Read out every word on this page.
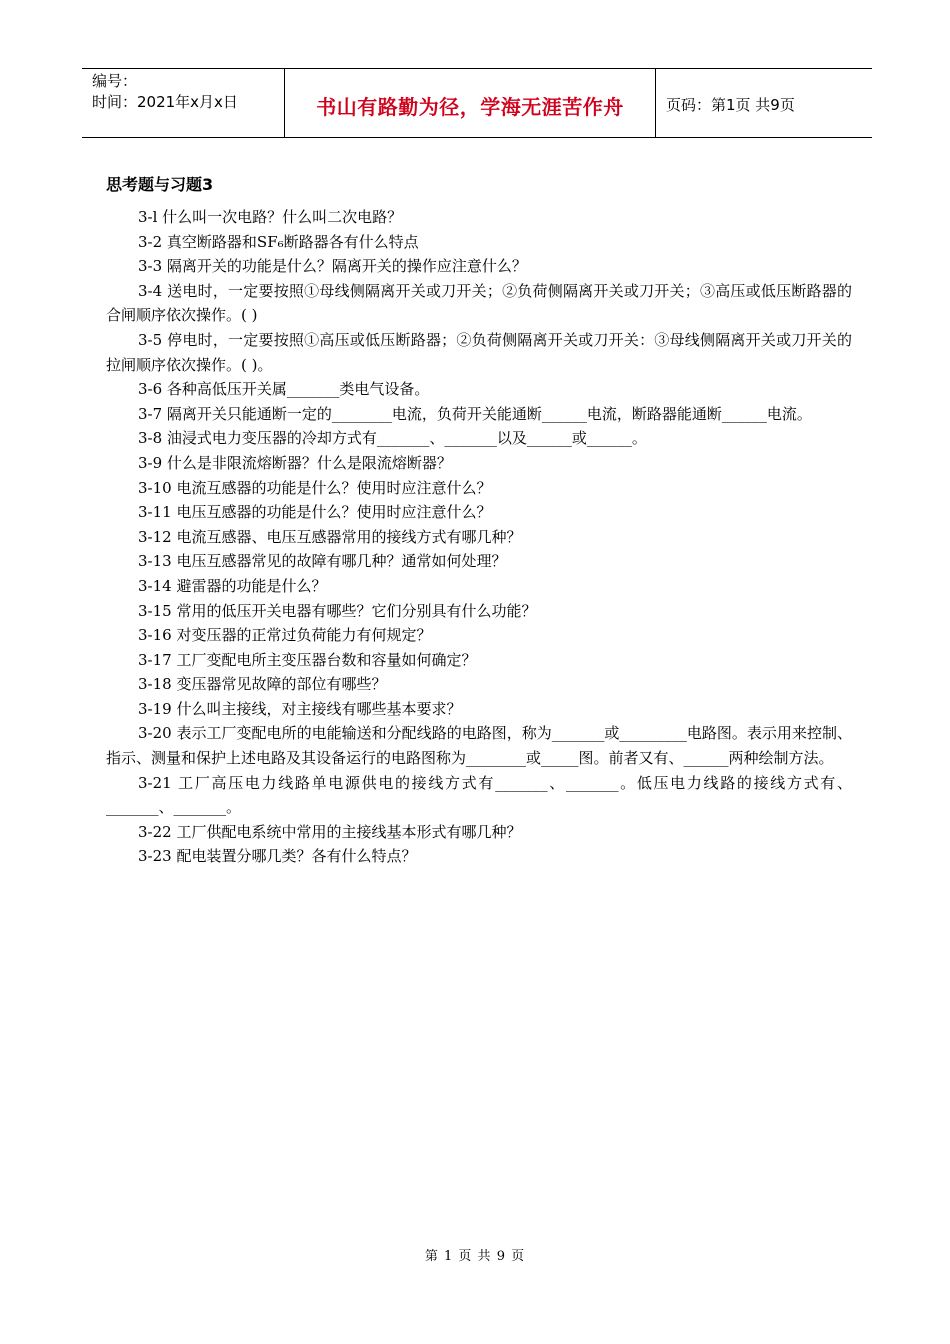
编号：
时间：2021年x月x日	书山有路勤为径，学海无涯苦作舟	页码：第1页 共9页
思考题与习题3

3-l 什么叫一次电路？什么叫二次电路？

3-2 真空断路器和SF₆断路器各有什么特点

3-3 隔离开关的功能是什么？隔离开关的操作应注意什么？

3-4 送电时，一定要按照①母线侧隔离开关或刀开关；②负荷侧隔离开关或刀开关；③高压或低压断路器的合闸顺序依次操作。( )

3-5 停电时，一定要按照①高压或低压断路器；②负荷侧隔离开关或刀开关：③母线侧隔离开关或刀开关的拉闸顺序依次操作。( )。

3-6 各种高低压开关属_______类电气设备。

3-7 隔离开关只能通断一定的________电流，负荷开关能通断______电流，断路器能通断______电流。

3-8 油浸式电力变压器的冷却方式有_______、_______以及______或______。

3-9 什么是非限流熔断器？什么是限流熔断器？

3-10 电流互感器的功能是什么？使用时应注意什么？

3-11 电压互感器的功能是什么？使用时应注意什么？

3-12 电流互感器、电压互感器常用的接线方式有哪几种？

3-13 电压互感器常见的故障有哪几种？通常如何处理？

3-14 避雷器的功能是什么？

3-15 常用的低压开关电器有哪些？它们分别具有什么功能？

3-16 对变压器的正常过负荷能力有何规定？

3-17 工厂变配电所主变压器台数和容量如何确定？

3-18 变压器常见故障的部位有哪些？

3-19 什么叫主接线，对主接线有哪些基本要求？

3-20 表示工厂变配电所的电能输送和分配线路的电路图，称为_______或_________电路图。表示用来控制、指示、测量和保护上述电路及其设备运行的电路图称为________或_____图。前者又有、______两种绘制方法。

3-21 工厂高压电力线路单电源供电的接线方式有_______、_______。低压电力线路的接线方式有、_______、_______。

3-22 工厂供配电系统中常用的主接线基本形式有哪几种？

3-23 配电装置分哪几类？各有什么特点？

第 1 页 共 9 页
